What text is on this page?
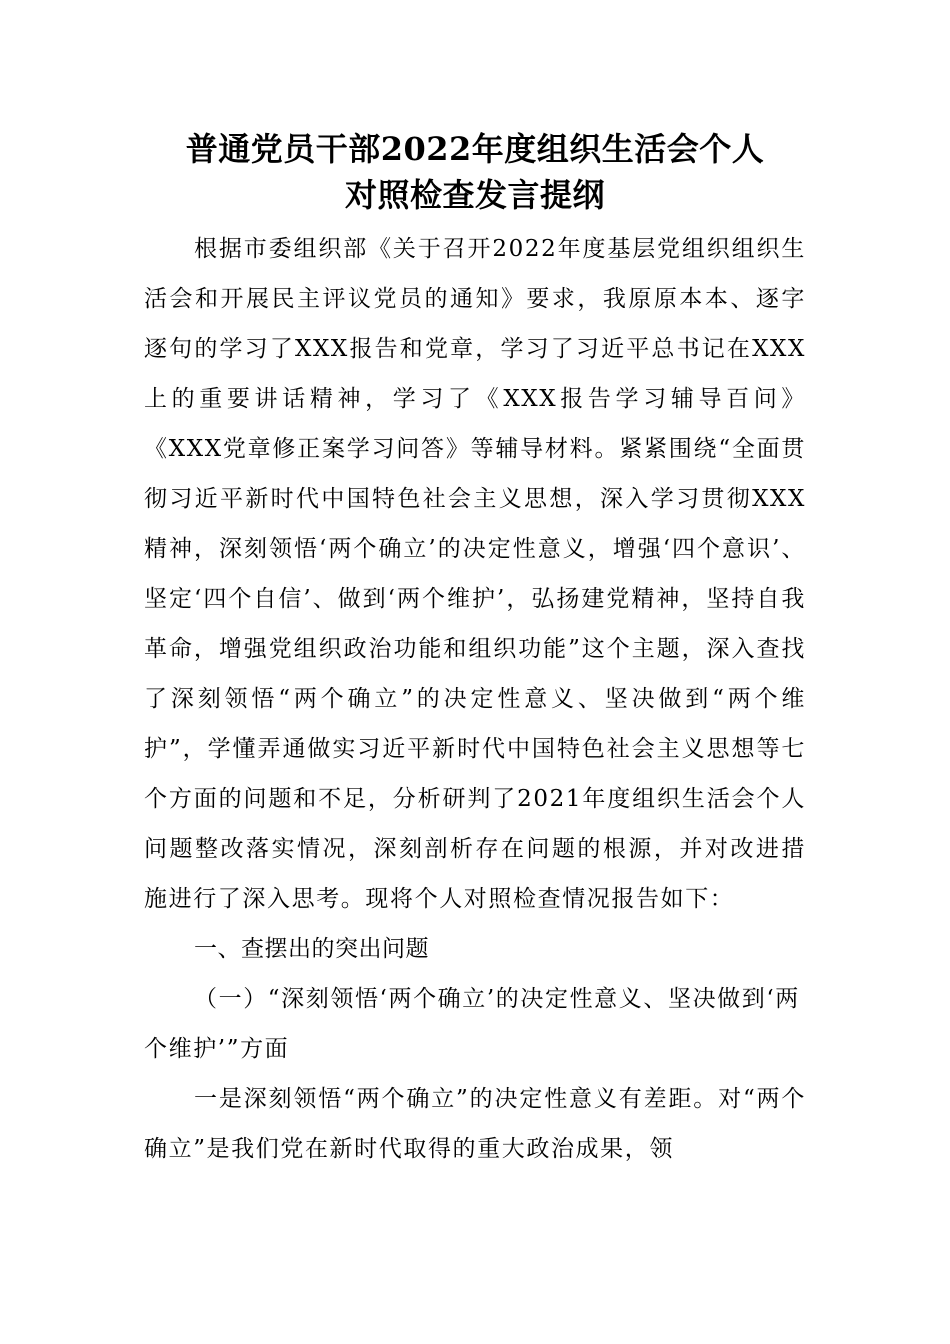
普通党员干部2022年度组织生活会个人
对照检查发言提纲

根据市委组织部《关于召开2022年度基层党组织组织生活会和开展民主评议党员的通知》要求，我原原本本、逐字逐句的学习了XXX报告和党章，学习了习近平总书记在XXX上的重要讲话精神，学习了《XXX报告学习辅导百问》《XXX党章修正案学习问答》等辅导材料。紧紧围绕“全面贯彻习近平新时代中国特色社会主义思想，深入学习贯彻XXX精神，深刻领悟‘两个确立’的决定性意义，增强‘四个意识’、坚定‘四个自信’、做到‘两个维护’，弘扬建党精神，坚持自我革命，增强党组织政治功能和组织功能”这个主题，深入查找了深刻领悟“两个确立”的决定性意义、坚决做到“两个维护”，学懂弄通做实习近平新时代中国特色社会主义思想等七个方面的问题和不足，分析研判了2021年度组织生活会个人问题整改落实情况，深刻剖析存在问题的根源，并对改进措施进行了深入思考。现将个人对照检查情况报告如下：

一、查摆出的突出问题

（一）“深刻领悟‘两个确立’的决定性意义、坚决做到‘两个维护’”方面

一是深刻领悟“两个确立”的决定性意义有差距。对“两个确立”是我们党在新时代取得的重大政治成果，领
